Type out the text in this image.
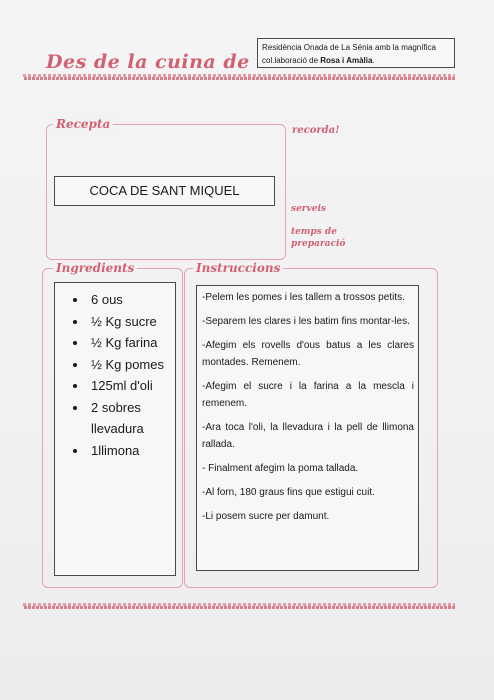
Des de la cuina de
Residència Onada de La Sénia amb la magnífica
col.laboració de Rosa i Amàlia.
Recepta
COCA DE SANT MIQUEL
recorda!
serveis
temps de
preparació
Ingredients
• 6 ous
• ½ Kg sucre
• ½ Kg farina
• ½ Kg pomes
• 125ml d'oli
• 2 sobres llevadura
• 1llimona
Instruccions

-Pelem les pomes i les tallem a trossos petits.

-Separem les clares i les batim fins montar-les.

-Afegim els rovells d'ous batus a les clares montades. Remenem.

-Afegim el sucre i la farina a la mescla i remenem.

-Ara toca l'oli, la llevadura i la pell de llimona rallada.

- Finalment afegim la poma tallada.

-Al forn, 180 graus fins que estigui cuit.

-Li posem sucre per damunt.
